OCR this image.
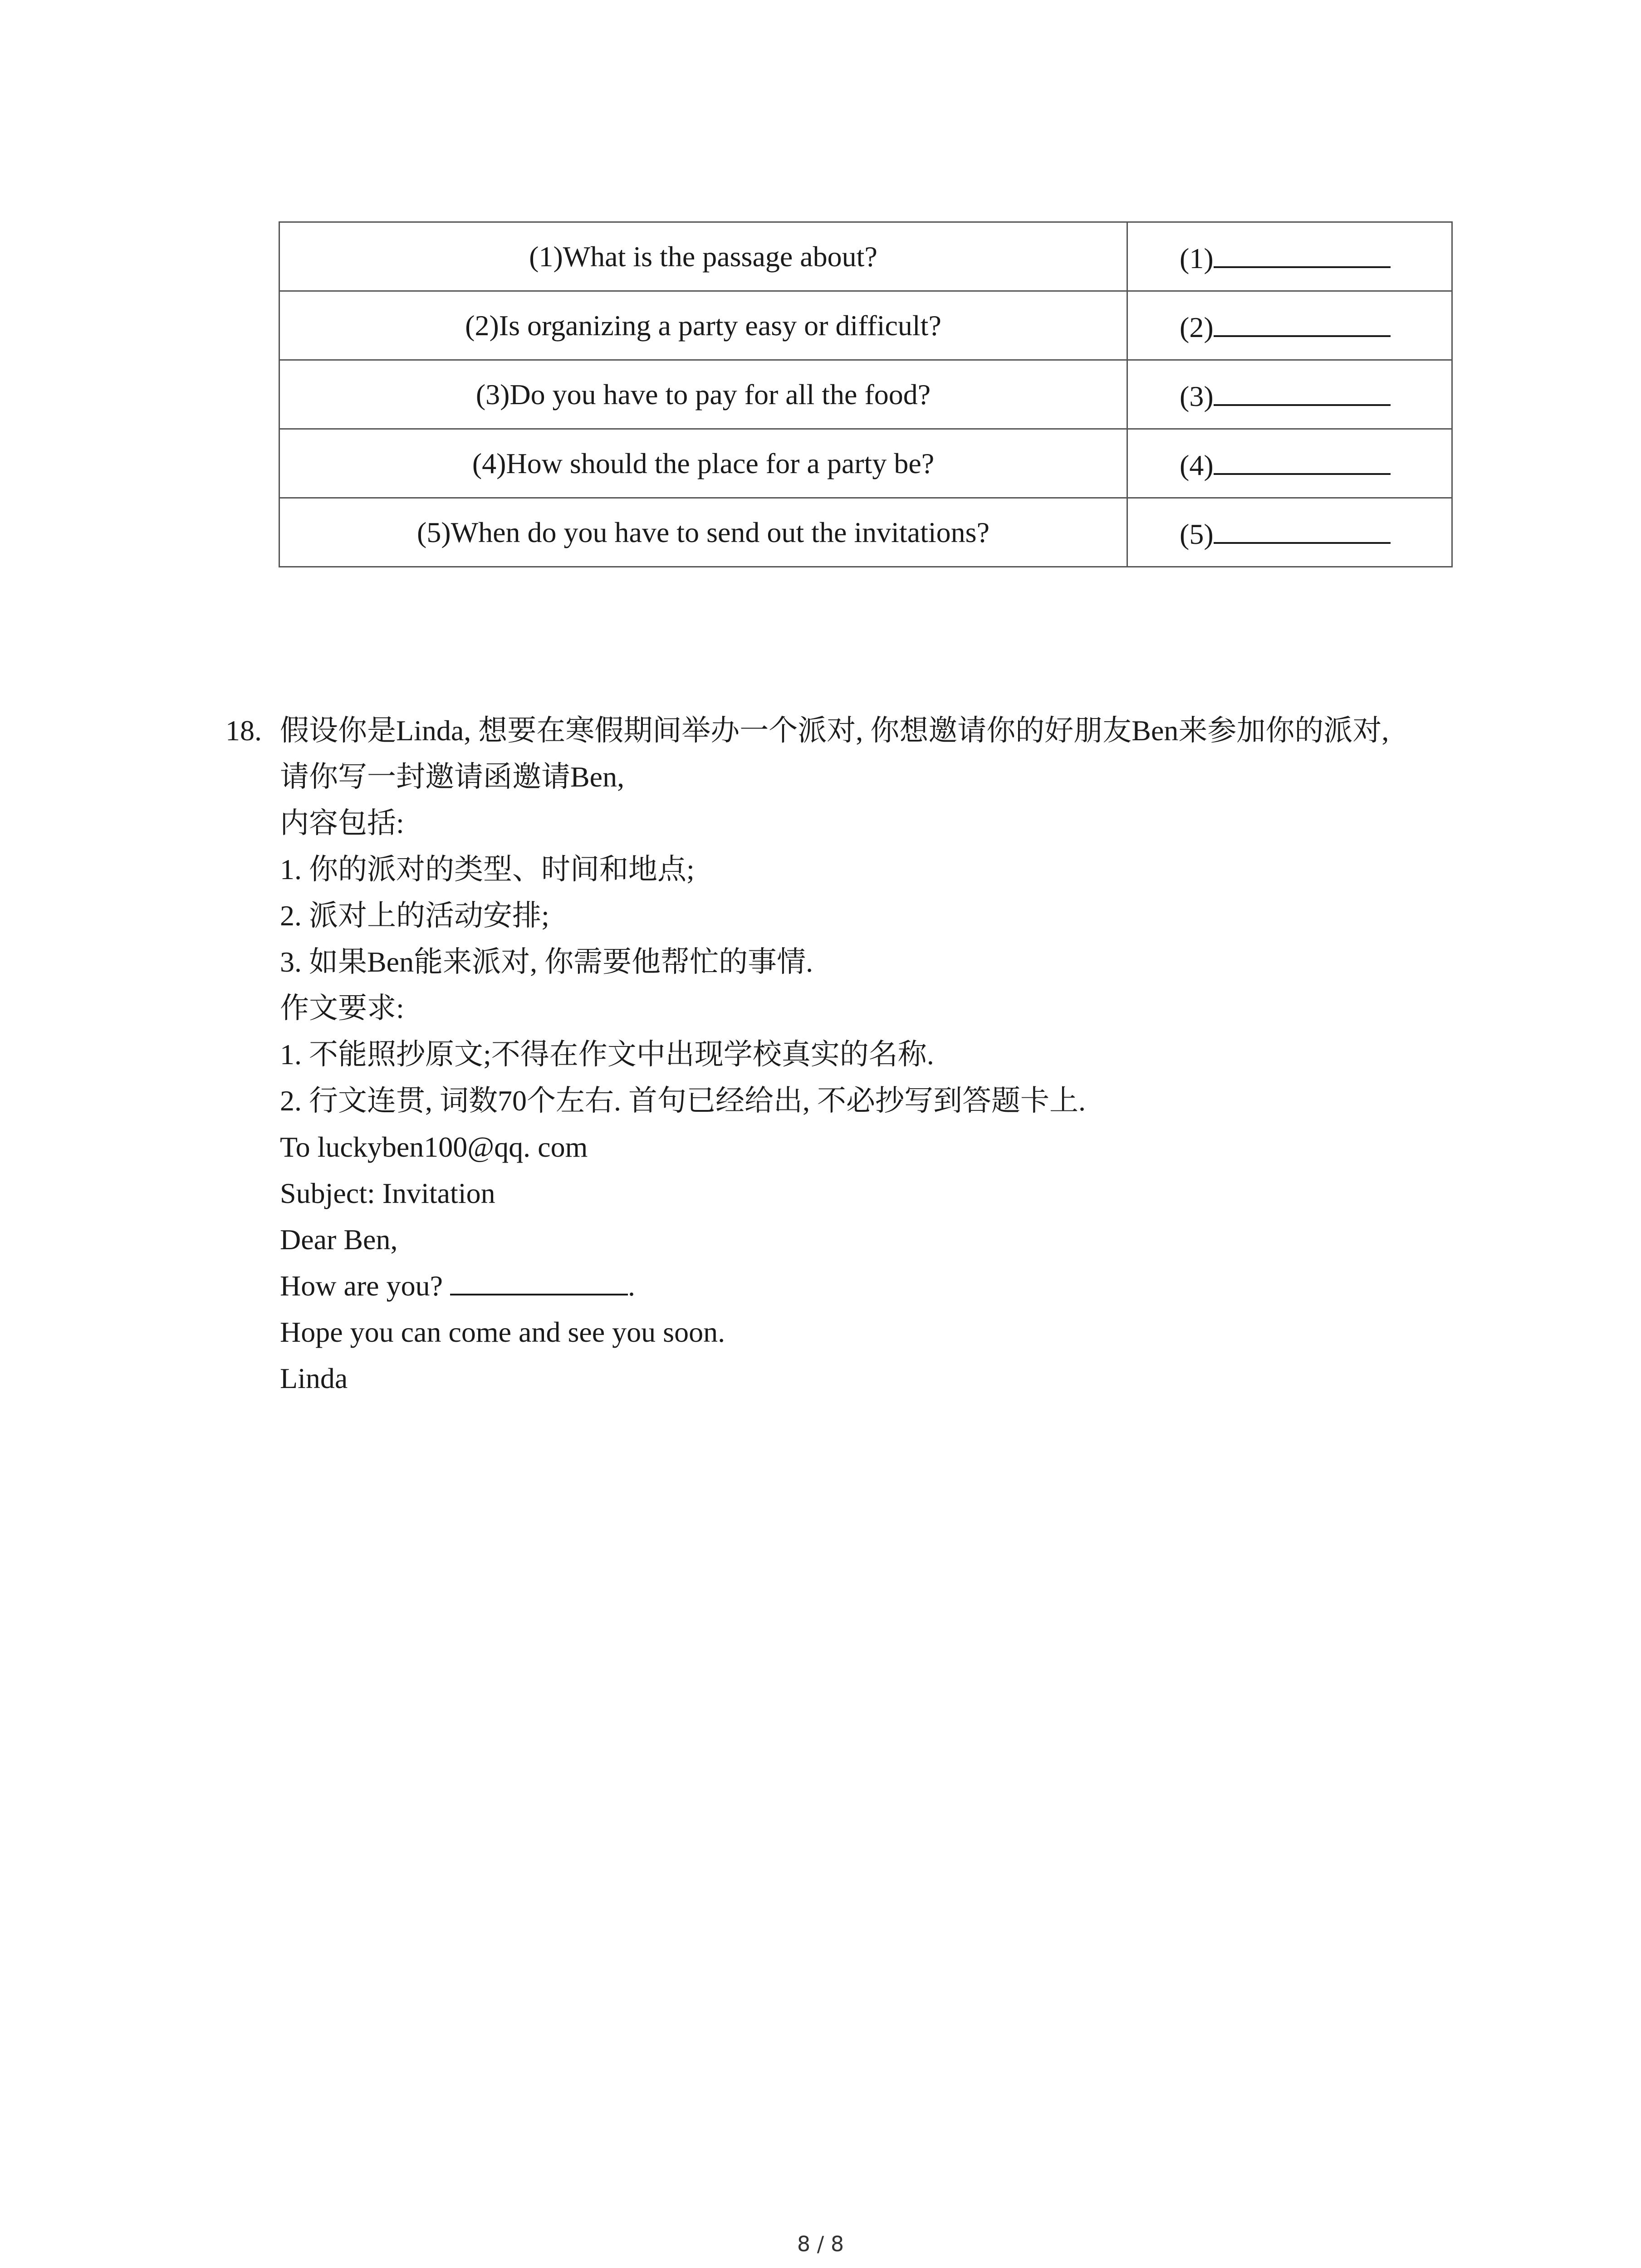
(1)What is the passage about?	(1)
(2)Is organizing a party easy or difficult?	(2)
(3)Do you have to pay for all the food?	(3)
(4)How should the place for a party be?	(4)
(5)When do you have to send out the invitations?	(5)
18. 假设你是Linda, 想要在寒假期间举办一个派对, 你想邀请你的好朋友Ben来参加你的派对,
请你写一封邀请函邀请Ben,
内容包括:
1. 你的派对的类型、时间和地点;
2. 派对上的活动安排;
3. 如果Ben能来派对, 你需要他帮忙的事情.
作文要求:
1. 不能照抄原文;不得在作文中出现学校真实的名称.
2. 行文连贯, 词数70个左右. 首句已经给出, 不必抄写到答题卡上.
To luckyben100@qq. com
Subject: Invitation
Dear Ben,
How are you?	.
Hope you can come and see you soon.
Linda
8 / 8
